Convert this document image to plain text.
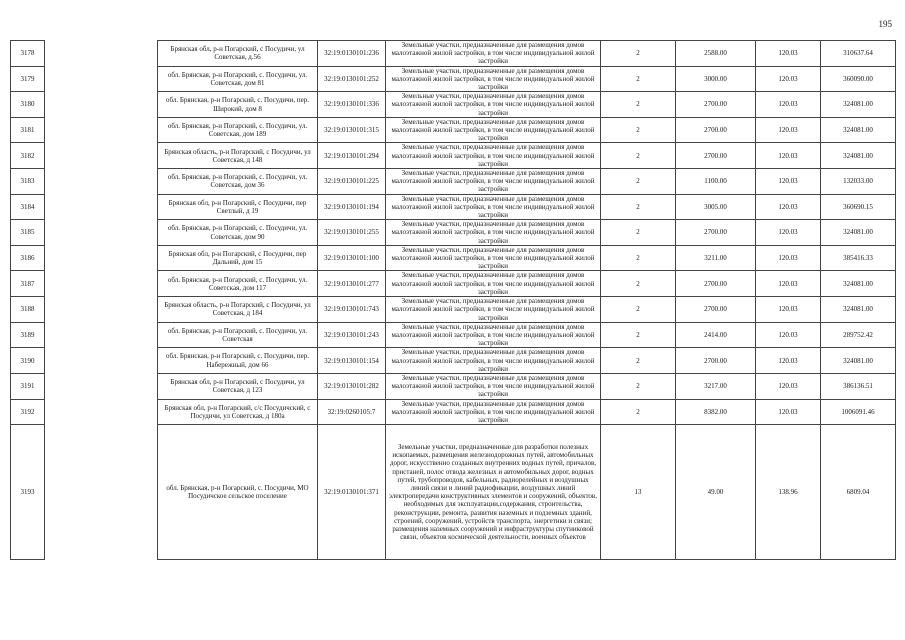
195
3178		Брянская обл, р-н Погарский, с Посудичи, ул Советская, д.56	32:19:0130101:236	Земельные участки, предназначенные для размещения домов малоэтажной жилой застройки, в том числе индивидуальной жилой застройки	2	2588.00	120.03	310637.64
3179		обл. Брянская, р-н Погарский, с. Посудичи, ул. Советская, дом 81	32:19:0130101:252	Земельные участки, предназначенные для размещения домов малоэтажной жилой застройки, в том числе индивидуальной жилой застройки	2	3000.00	120.03	360090.00
3180		обл. Брянская, р-н Погарский, с. Посудичи, пер. Широкий, дом 8	32:19:0130101:336	Земельные участки, предназначенные для размещения домов малоэтажной жилой застройки, в том числе индивидуальной жилой застройки	2	2700.00	120.03	324081.00
3181		обл. Брянская, р-н Погарский, с. Посудичи, ул. Советская, дом 189	32:19:0130101:315	Земельные участки, предназначенные для размещения домов малоэтажной жилой застройки, в том числе индивидуальной жилой застройки	2	2700.00	120.03	324081.00
3182		Брянская область, р-н Погарский, с Посудичи, ул Советская, д 148	32:19:0130101:294	Земельные участки, предназначенные для размещения домов малоэтажной жилой застройки, в том числе индивидуальной жилой застройки	2	2700.00	120.03	324081.00
3183		обл. Брянская, р-н Погарский, с. Посудичи, ул. Советская, дом 36	32:19:0130101:225	Земельные участки, предназначенные для размещения домов малоэтажной жилой застройки, в том числе индивидуальной жилой застройки	2	1100.00	120.03	132033.00
3184		Брянская обл, р-н Погарский, с Посудичи, пер Светлый, д 19	32:19:0130101:194	Земельные участки, предназначенные для размещения домов малоэтажной жилой застройки, в том числе индивидуальной жилой застройки	2	3005.00	120.03	360690.15
3185		обл. Брянская, р-н Погарский, с. Посудичи, ул. Советская, дом 90	32:19:0130101:255	Земельные участки, предназначенные для размещения домов малоэтажной жилой застройки, в том числе индивидуальной жилой застройки	2	2700.00	120.03	324081.00
3186		Брянская обл, р-н Погарский, с Посудичи, пер Дальний, дом 15	32:19:0130101:100	Земельные участки, предназначенные для размещения домов малоэтажной жилой застройки, в том числе индивидуальной жилой застройки	2	3211.00	120.03	385416.33
3187		обл. Брянская, р-н Погарский, с. Посудичи, ул. Советская, дом 117	32:19:0130101:277	Земельные участки, предназначенные для размещения домов малоэтажной жилой застройки, в том числе индивидуальной жилой застройки	2	2700.00	120.03	324081.00
3188		Брянская область, р-н Погарский, с Посудичи, ул Советская, д 184	32:19:0130101:743	Земельные участки, предназначенные для размещения домов малоэтажной жилой застройки, в том числе индивидуальной жилой застройки	2	2700.00	120.03	324081.00
3189		обл. Брянская, р-н Погарский, с. Посудичи, ул. Советская	32:19:0130101:243	Земельные участки, предназначенные для размещения домов малоэтажной жилой застройки, в том числе индивидуальной жилой застройки	2	2414.00	120.03	289752.42
3190		обл. Брянская, р-н Погарский, с. Посудичи, пер. Набережный, дом 66	32:19:0130101:154	Земельные участки, предназначенные для размещения домов малоэтажной жилой застройки, в том числе индивидуальной жилой застройки	2	2700.00	120.03	324081.00
3191		Брянская обл, р-н Погарский, с Посудичи, ул Советская, д 123	32:19:0130101:282	Земельные участки, предназначенные для размещения домов малоэтажной жилой застройки, в том числе индивидуальной жилой застройки	2	3217.00	120.03	386136.51
3192		Брянская обл, р-н Погарский, с/с Посудичский, с Посудичи, ул Советская, д 180а	32:19:0260105:7	Земельные участки, предназначенные для размещения домов малоэтажной жилой застройки, в том числе индивидуальной жилой застройки	2	8382.00	120.03	1006091.46
3193		обл. Брянская, р-н Погарский, с. Посудичи, МО Посудичское сельское поселение	32:19:0130101:371	Земельные участки, предназначенные для разработки полезных ископаемых, размещения железнодорожных путей, автомобильных дорог, искусственно созданных внутренних водных путей, причалов, пристаней, полос отвода железных и автомобильных дорог, водных путей, трубопроводов, кабельных, радиорелейных и воздушных линий связи и линий радиофикации, воздушных линий электропередачи конструктивных элементов и сооружений, объектов, необходимых для эксплуатации,содержания, строительства, реконструкции, ремонта, развития наземных и подземных зданий, строений, сооружений, устройств транспорта, энергетики и связи; размещения наземных сооружений и инфраструктуры спутниковой связи, объектов космической деятельности, военных объектов	13	49.00	138.96	6809.04
